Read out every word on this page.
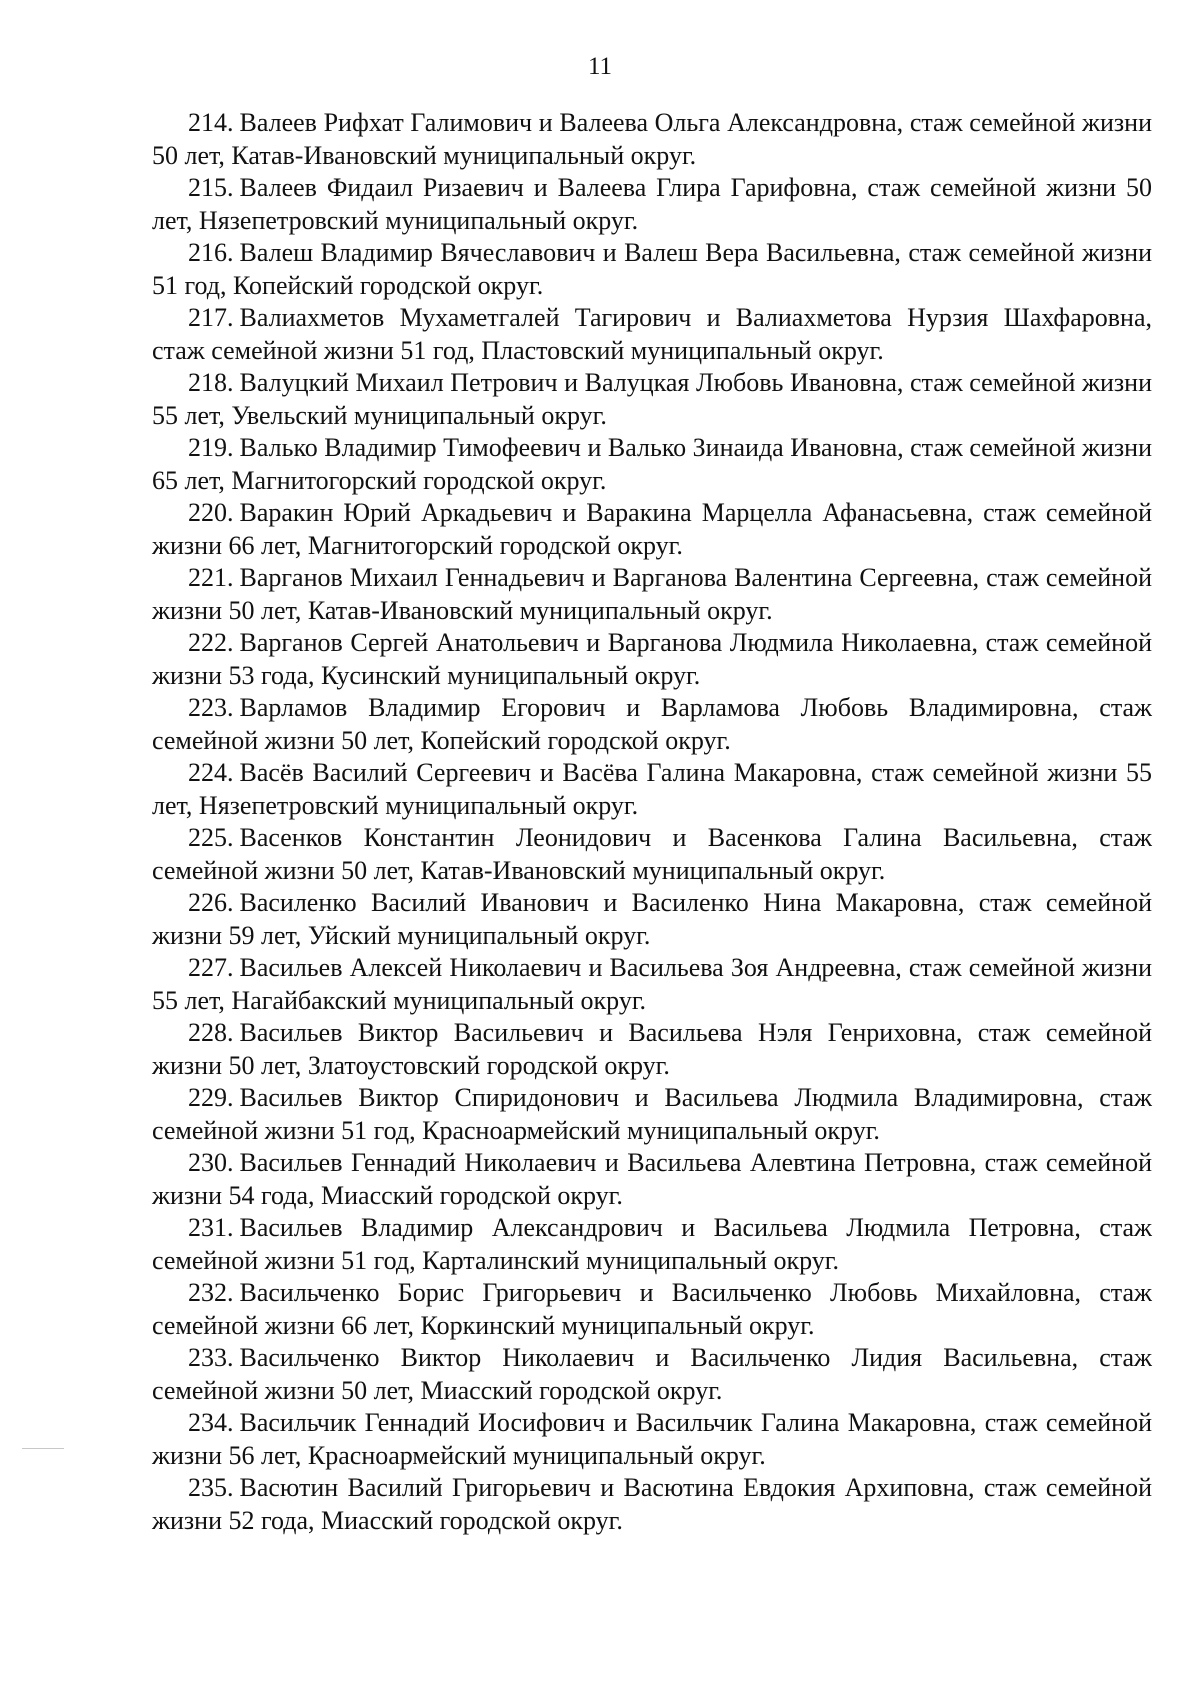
11

214. Валеев Рифхат Галимович и Валеева Ольга Александровна, стаж семейной жизни 50 лет, Катав-Ивановский муниципальный округ.

215. Валеев Фидаил Ризаевич и Валеева Глира Гарифовна, стаж семейной жизни 50 лет, Нязепетровский муниципальный округ.

216. Валеш Владимир Вячеславович и Валеш Вера Васильевна, стаж семейной жизни 51 год, Копейский городской округ.

217. Валиахметов Мухаметгалей Тагирович и Валиахметова Нурзия Шахфаровна, стаж семейной жизни 51 год, Пластовский муниципальный округ.

218. Валуцкий Михаил Петрович и Валуцкая Любовь Ивановна, стаж семейной жизни 55 лет, Увельский муниципальный округ.

219. Валько Владимир Тимофеевич и Валько Зинаида Ивановна, стаж семейной жизни 65 лет, Магнитогорский городской округ.

220. Варакин Юрий Аркадьевич и Варакина Марцелла Афанасьевна, стаж семейной жизни 66 лет, Магнитогорский городской округ.

221. Варганов Михаил Геннадьевич и Варганова Валентина Сергеевна, стаж семейной жизни 50 лет, Катав-Ивановский муниципальный округ.

222. Варганов Сергей Анатольевич и Варганова Людмила Николаевна, стаж семейной жизни 53 года, Кусинский муниципальный округ.

223. Варламов Владимир Егорович и Варламова Любовь Владимировна, стаж семейной жизни 50 лет, Копейский городской округ.

224. Васёв Василий Сергеевич и Васёва Галина Макаровна, стаж семейной жизни 55 лет, Нязепетровский муниципальный округ.

225. Васенков Константин Леонидович и Васенкова Галина Васильевна, стаж семейной жизни 50 лет, Катав-Ивановский муниципальный округ.

226. Василенко Василий Иванович и Василенко Нина Макаровна, стаж семейной жизни 59 лет, Уйский муниципальный округ.

227. Васильев Алексей Николаевич и Васильева Зоя Андреевна, стаж семейной жизни 55 лет, Нагайбакский муниципальный округ.

228. Васильев Виктор Васильевич и Васильева Нэля Генриховна, стаж семейной жизни 50 лет, Златоустовский городской округ.

229. Васильев Виктор Спиридонович и Васильева Людмила Владимировна, стаж семейной жизни 51 год, Красноармейский муниципальный округ.

230. Васильев Геннадий Николаевич и Васильева Алевтина Петровна, стаж семейной жизни 54 года, Миасский городской округ.

231. Васильев Владимир Александрович и Васильева Людмила Петровна, стаж семейной жизни 51 год, Карталинский муниципальный округ.

232. Васильченко Борис Григорьевич и Васильченко Любовь Михайловна, стаж семейной жизни 66 лет, Коркинский муниципальный округ.

233. Васильченко Виктор Николаевич и Васильченко Лидия Васильевна, стаж семейной жизни 50 лет, Миасский городской округ.

234. Васильчик Геннадий Иосифович и Васильчик Галина Макаровна, стаж семейной жизни 56 лет, Красноармейский муниципальный округ.

235. Васютин Василий Григорьевич и Васютина Евдокия Архиповна, стаж семейной жизни 52 года, Миасский городской округ.
